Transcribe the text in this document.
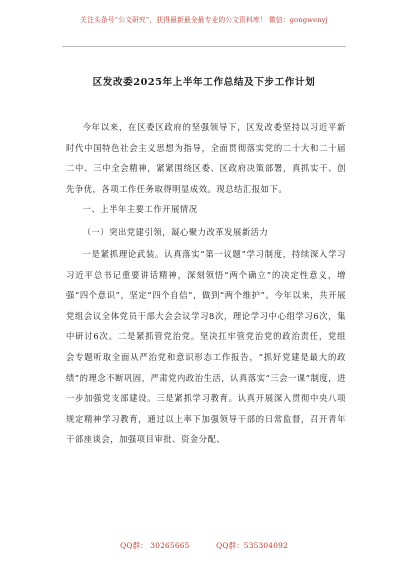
关注头条号“公文研究”，获得最新最全最专业的公文资料库！ 微信：gongwenyj
区发改委2025年上半年工作总结及下步工作计划
今年以来，在区委区政府的坚强领导下，区发改委坚持以习近平新时代中国特色社会主义思想为指导，全面贯彻落实党的二十大和二十届二中、三中全会精神，紧紧围绕区委、区政府决策部署，真抓实干、创先争优，各项工作任务取得明显成效。现总结汇报如下。
一、上半年主要工作开展情况
（一）突出党建引领，凝心聚力改革发展新活力
一是紧抓理论武装。认真落实“第一议题”学习制度，持续深入学习习近平总书记重要讲话精神，深刻领悟“两个确立”的决定性意义，增强“四个意识”，坚定“四个自信”，做到“两个维护”。今年以来，共开展党组会议全体党员干部大会会议学习8次，理论学习中心组学习6次，集中研讨6次。二是紧抓管党治党。坚决扛牢管党治党的政治责任，党组会专题听取全面从严治党和意识形态工作报告，“抓好党建是最大的政绩”的理念不断巩固，严肃党内政治生活，认真落实“三会一课”制度，进一步加强党支部建设。三是紧抓学习教育。认真开展深入贯彻中央八项规定精神学习教育，通过以上率下加强领导干部的日常监督，召开青年干部座谈会，加强项目审批、资金分配、
QQ群： 30265665	QQ群：535304092
